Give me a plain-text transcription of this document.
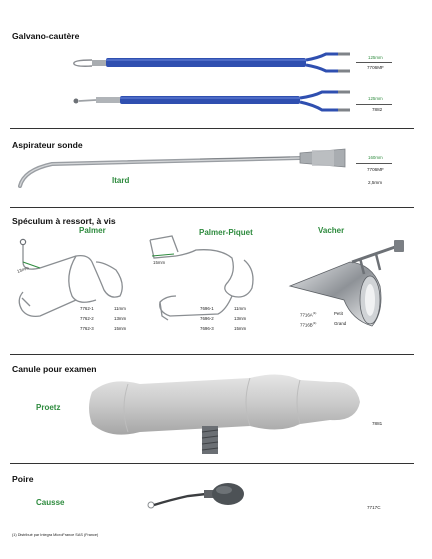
Galvano-cautère
125mm
7706MF
125mm
7882
Aspirateur sonde
Itard
160mm
7706MF
2,5mm
Spéculum à ressort, à vis
Palmer	Palmer-Piquet	Vacher
13mm
15mm
7762-1	11mm
7762-2	13mm
7762-3	15mm
7696-1	11mm
7696-2	13mm
7696-3	15mm
$7716A^{(1)}$	Petit
$7716B^{(1)}$	Grand
Canule pour examen
Proetz
7881
Poire
Causse
7717C
(1) Distribué par Integra MicroFrance SAS (France)
